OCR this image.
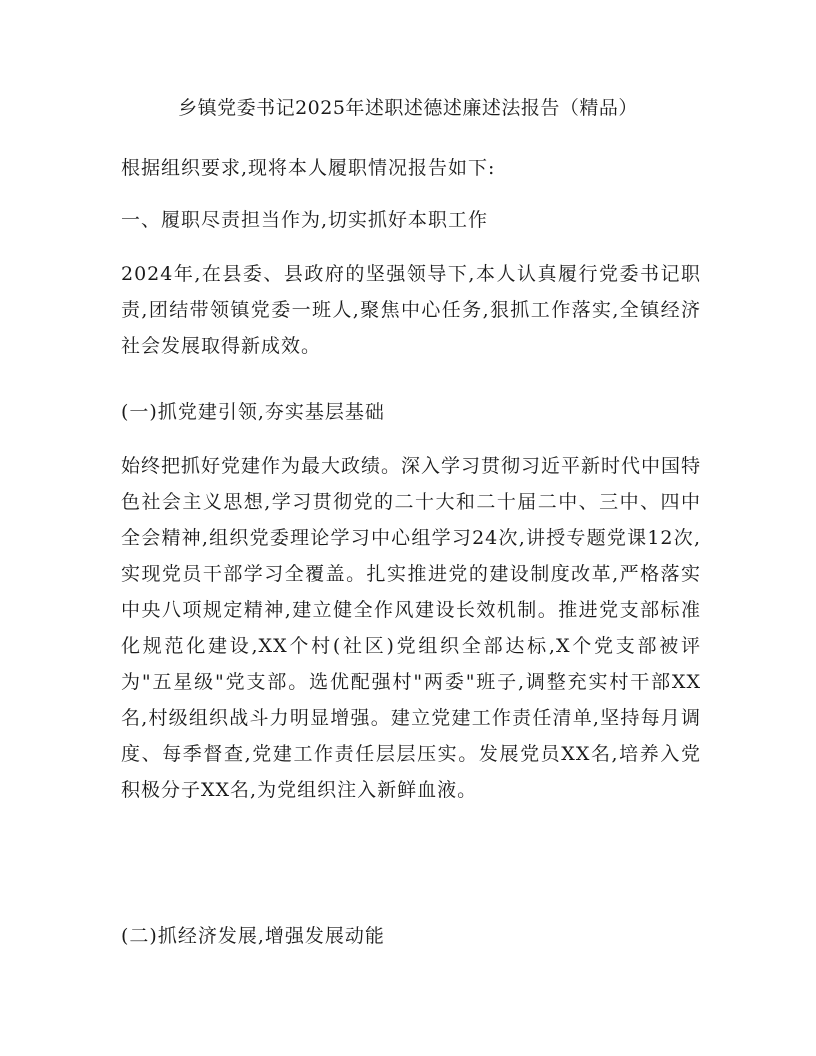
乡镇党委书记2025年述职述德述廉述法报告（精品）
根据组织要求,现将本人履职情况报告如下:
一、履职尽责担当作为,切实抓好本职工作
2024年,在县委、县政府的坚强领导下,本人认真履行党委书记职责,团结带领镇党委一班人,聚焦中心任务,狠抓工作落实,全镇经济社会发展取得新成效。
(一)抓党建引领,夯实基层基础
始终把抓好党建作为最大政绩。深入学习贯彻习近平新时代中国特色社会主义思想,学习贯彻党的二十大和二十届二中、三中、四中全会精神,组织党委理论学习中心组学习24次,讲授专题党课12次,实现党员干部学习全覆盖。扎实推进党的建设制度改革,严格落实中央八项规定精神,建立健全作风建设长效机制。推进党支部标准化规范化建设,XX个村(社区)党组织全部达标,X个党支部被评为"五星级"党支部。选优配强村"两委"班子,调整充实村干部XX名,村级组织战斗力明显增强。建立党建工作责任清单,坚持每月调度、每季督查,党建工作责任层层压实。发展党员XX名,培养入党积极分子XX名,为党组织注入新鲜血液。
(二)抓经济发展,增强发展动能
